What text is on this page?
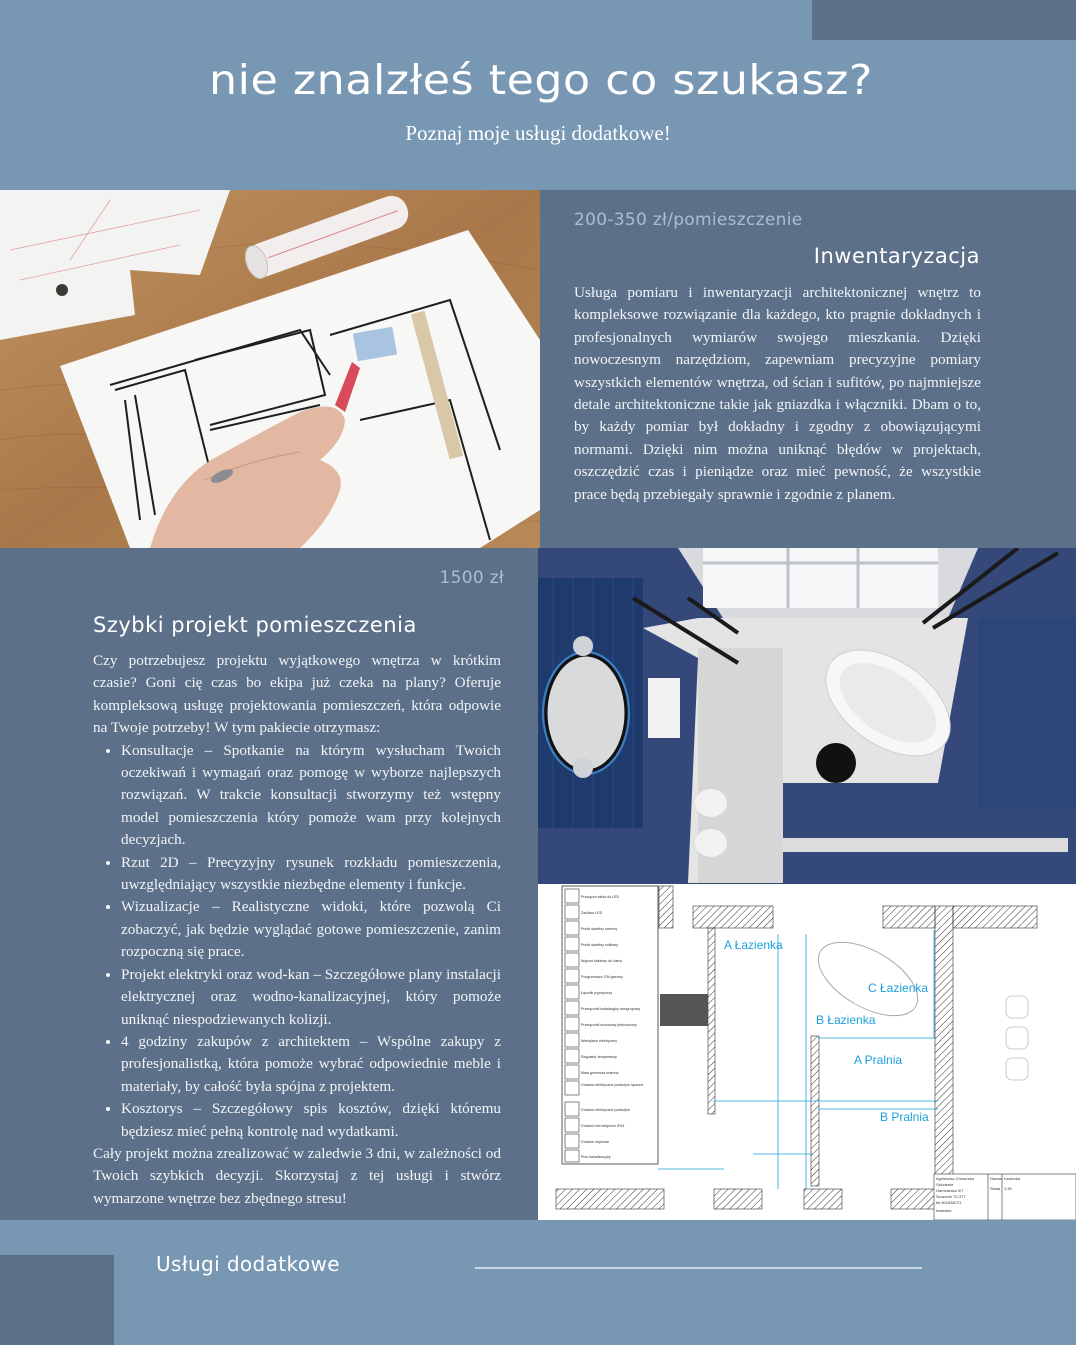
nie znalzłeś tego co szukasz?
Poznaj moje usługi dodatkowe!
200-350 zł/pomieszczenie
Inwentaryzacja
Usługa pomiaru i inwentaryzacji architektonicznej wnętrz to kompleksowe rozwiązanie dla każdego, kto pragnie dokładnych i profesjonalnych wymiarów swojego mieszkania. Dzięki nowoczesnym narzędziom, zapewniam precyzyjne pomiary wszystkich elementów wnętrza, od ścian i sufitów, po najmniejsze detale architektoniczne takie jak gniazdka i włączniki. Dbam o to, by każdy pomiar był dokładny i zgodny z obowiązującymi normami. Dzięki nim można uniknąć błędów w projektach, oszczędzić czas i pieniądze oraz mieć pewność, że wszystkie prace będą przebiegały sprawnie i zgodnie z planem.
1500 zł
Szybki projekt pomieszczenia

Czy potrzebujesz projektu wyjątkowego wnętrza w krótkim czasie? Goni cię czas bo ekipa już czeka na plany? Oferuje kompleksową usługę projektowania pomieszczeń, która odpowie na Twoje potrzeby! W tym pakiecie otrzymasz:

• Konsultacje – Spotkanie na którym wysłucham Twoich oczekiwań i wymagań oraz pomogę w wyborze najlepszych rozwiązań. W trakcie konsultacji stworzymy też wstępny model pomieszczenia który pomoże wam przy kolejnych decyzjach.
• Rzut 2D – Precyzyjny rysunek rozkładu pomieszczenia, uwzględniający wszystkie niezbędne elementy i funkcje.
• Wizualizacje – Realistyczne widoki, które pozwolą Ci zobaczyć, jak będzie wyglądać gotowe pomieszczenie, zanim rozpoczną się prace.
• Projekt elektryki oraz wod-kan – Szczegółowe plany instalacji elektrycznej oraz wodno-kanalizacyjnej, który pomoże uniknąć niespodziewanych kolizji.
• 4 godziny zakupów z architektem – Wspólne zakupy z profesjonalistką, która pomoże wybrać odpowiednie meble i materiały, by całość była spójna z projektem.
• Kosztorys – Szczegółowy spis kosztów, dzięki któremu będziesz mieć pełną kontrolę nad wydatkami.

Cały projekt można zrealizować w zaledwie 3 dni, w zależności od Twoich szybkich decyzji. Skorzystaj z tej usługi i stwórz wymarzone wnętrze bez zbędnego stresu!

Przyłącze kabla do LED
Zasilacz LED
Punkt świetlny ścienny
Punkt świetlny sufitowy
Wypust kablowy do lustra
Podgrzewacz CW gazowy
Łącznik pojedynczy
Przełącznik instalacyjny dwugrupowy
Przełącznik schodowy jednotorowy
Wentylator elektryczny
Regulator temperatury
Mata grzewcza ścienna
Gniazdo elektryczne podwójne łączone
Gniazdo elektryczne podwójne
Gniazdo hermetyczne IP44
Gniazdo wtykowe
Pion kanalizacyjny
A Łazienka
C Łazienka
B Łazienka
A Pralnia
B Pralnia
Agnieszka Chmurska
Szkolenie
Garncarska 3/7
Szczecin 70-377
tel.501638721
Inwestor:
Nazwa Łazienka
Skala 1:30
Usługi dodatkowe
